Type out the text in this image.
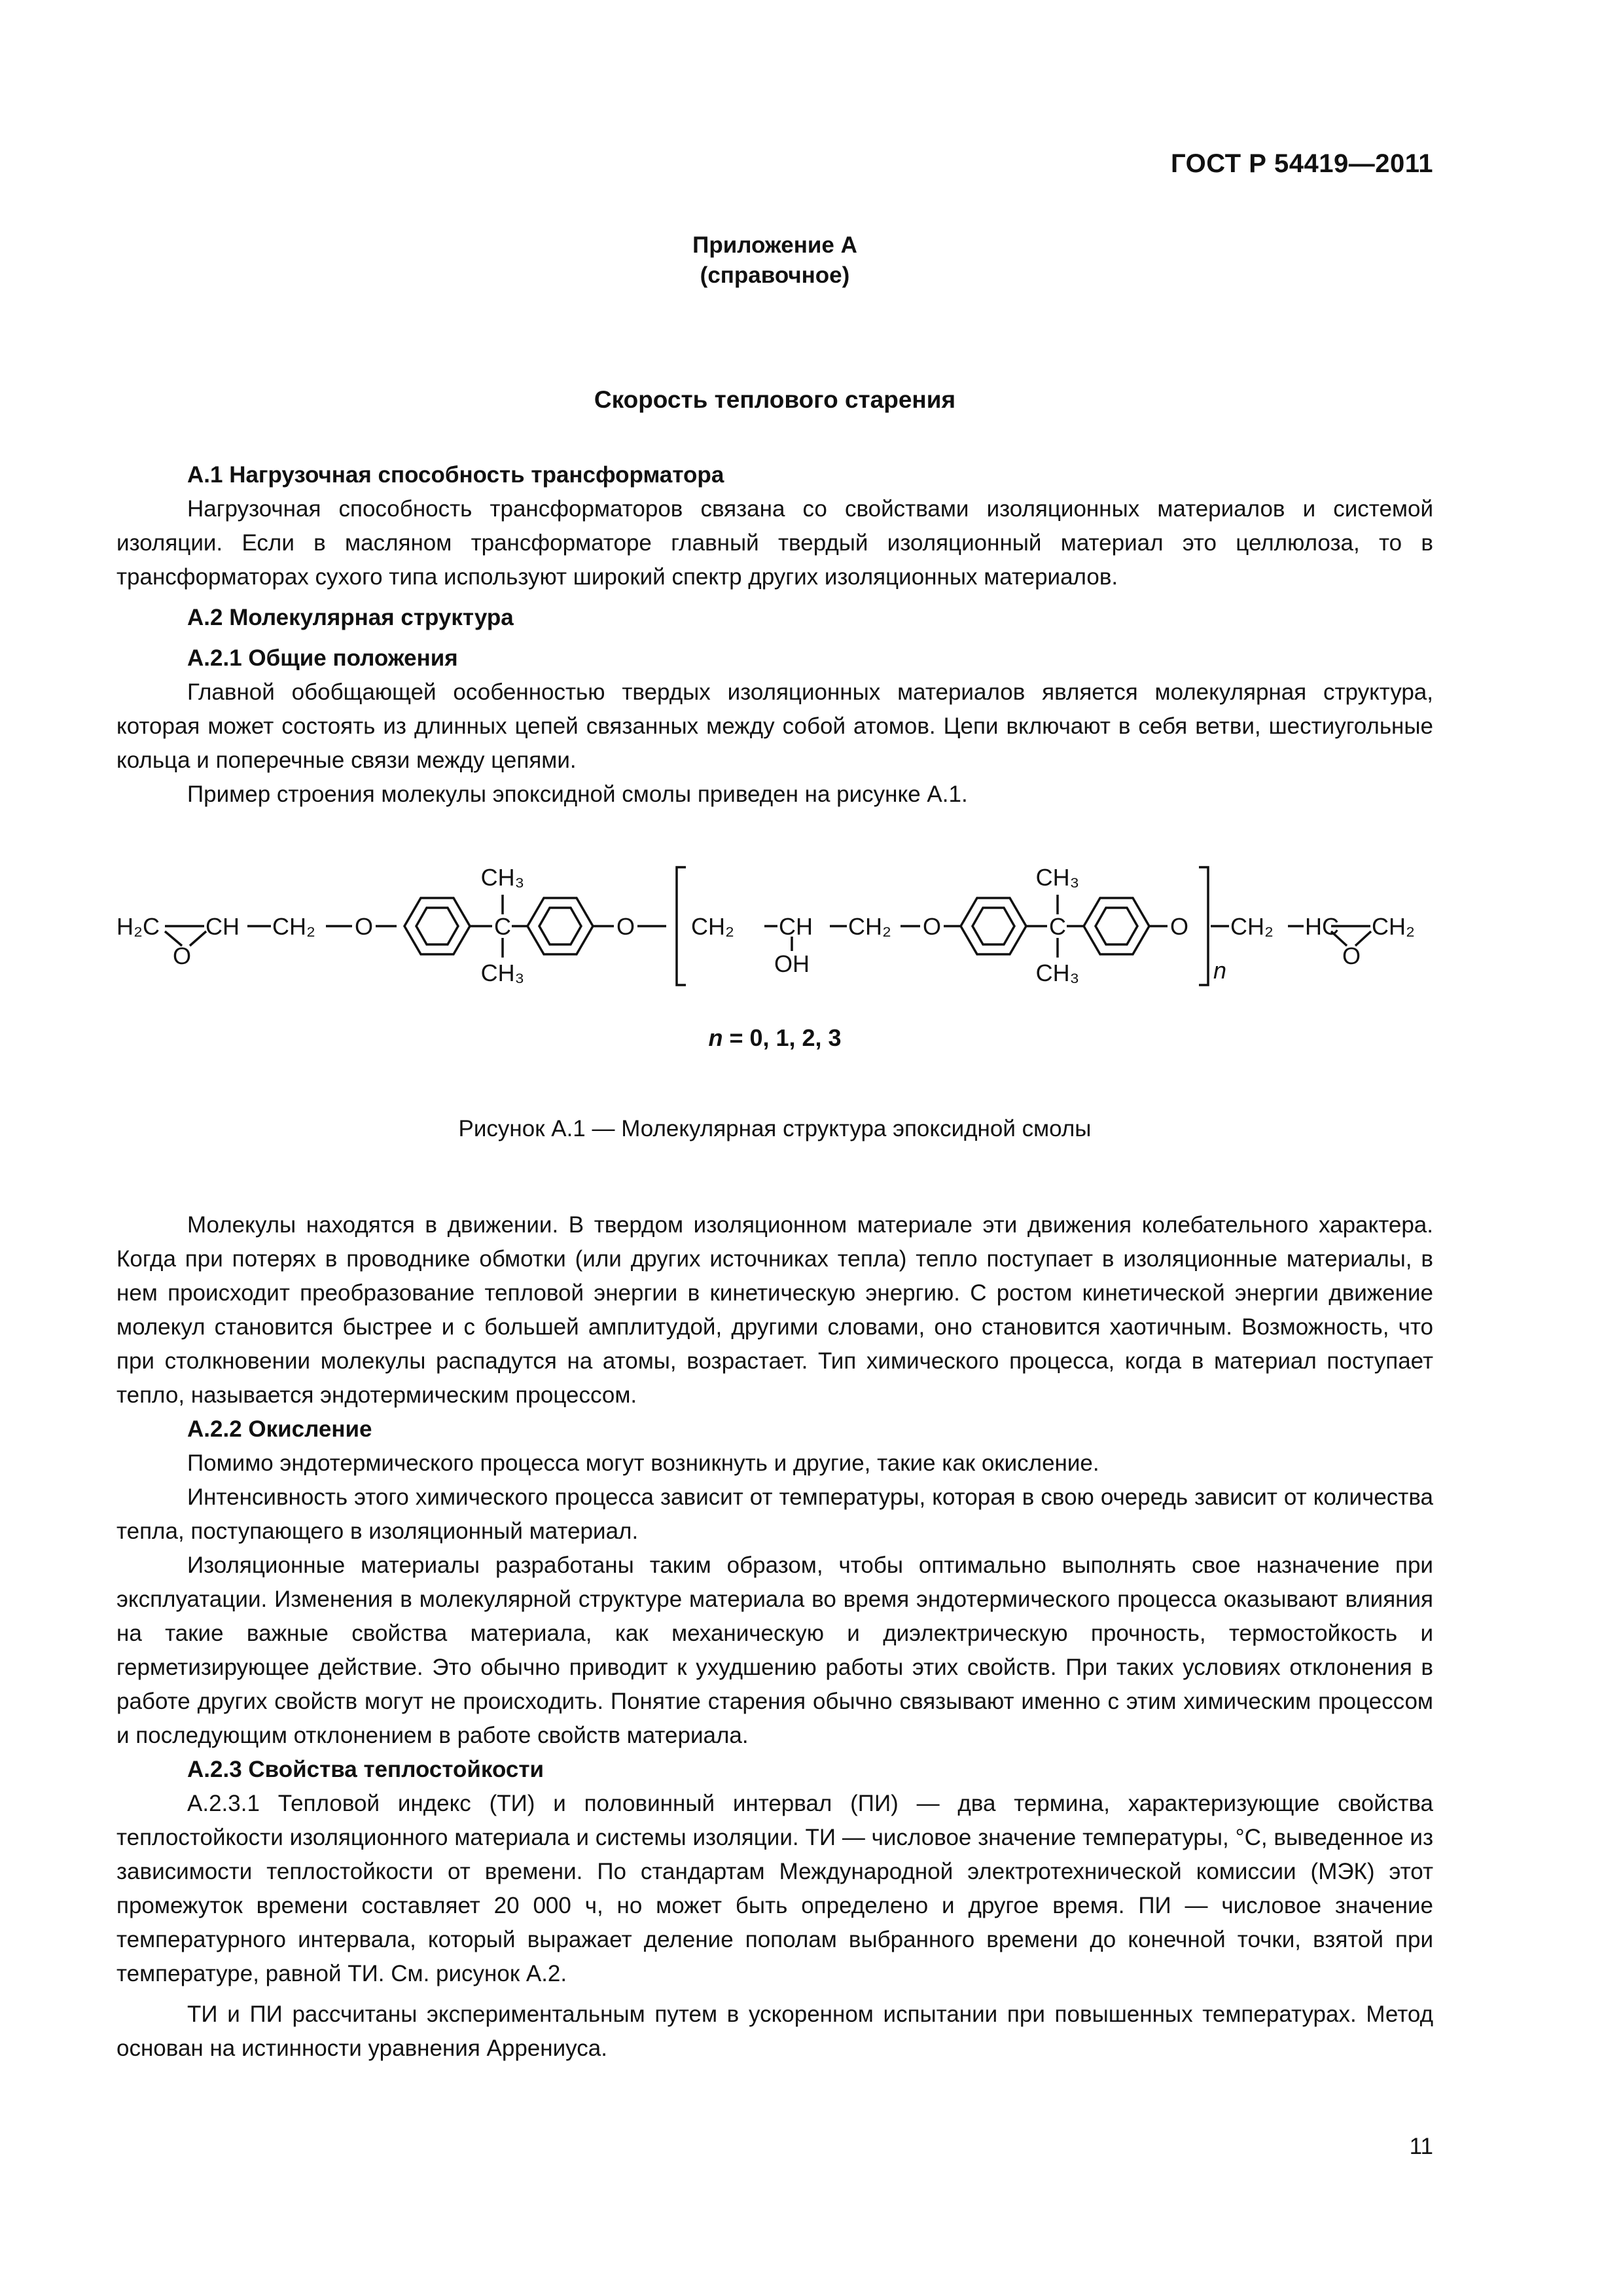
ГОСТ Р 54419—2011
Приложение А
(справочное)
Скорость теплового старения
А.1 Нагрузочная способность трансформатора

Нагрузочная способность трансформаторов связана со свойствами изоляционных материалов и системой изоляции. Если в масляном трансформаторе главный твердый изоляционный материал это целлюлоза, то в трансформаторах сухого типа используют широкий спектр других изоляционных материалов.

А.2 Молекулярная структура
А.2.1 Общие положения

Главной обобщающей особенностью твердых изоляционных материалов является молекулярная структура, которая может состоять из длинных цепей связанных между собой атомов. Цепи включают в себя ветви, шестиугольные кольца и поперечные связи между цепями.

Пример строения молекулы эпоксидной смолы приведен на рисунке А.1.

H₂C
O
CH CH₂ O	C
CH₃
CH₃
O CH₂ CH
OH
CH₂ O	C
CH₃
CH₃
O
n
CH₂ HC
O
CH₂
n = 0, 1, 2, 3
Рисунок А.1 — Молекулярная структура эпоксидной смолы

Молекулы находятся в движении. В твердом изоляционном материале эти движения колебательного характера. Когда при потерях в проводнике обмотки (или других источниках тепла) тепло поступает в изоляционные материалы, в нем происходит преобразование тепловой энергии в кинетическую энергию. С ростом кинетической энергии движение молекул становится быстрее и с большей амплитудой, другими словами, оно становится хаотичным. Возможность, что при столкновении молекулы распадутся на атомы, возрастает. Тип химического процесса, когда в материал поступает тепло, называется эндотермическим процессом.

А.2.2 Окисление

Помимо эндотермического процесса могут возникнуть и другие, такие как окисление.

Интенсивность этого химического процесса зависит от температуры, которая в свою очередь зависит от количества тепла, поступающего в изоляционный материал.

Изоляционные материалы разработаны таким образом, чтобы оптимально выполнять свое назначение при эксплуатации. Изменения в молекулярной структуре материала во время эндотермического процесса оказывают влияния на такие важные свойства материала, как механическую и диэлектрическую прочность, термостойкость и герметизирующее действие. Это обычно приводит к ухудшению работы этих свойств. При таких условиях отклонения в работе других свойств могут не происходить. Понятие старения обычно связывают именно с этим химическим процессом и последующим отклонением в работе свойств материала.

А.2.3 Свойства теплостойкости

А.2.3.1 Тепловой индекс (ТИ) и половинный интервал (ПИ) — два термина, характеризующие свойства теплостойкости изоляционного материала и системы изоляции. ТИ — числовое значение температуры, °С, выведенное из зависимости теплостойкости от времени. По стандартам Международной электротехнической комиссии (МЭК) этот промежуток времени составляет 20 000 ч, но может быть определено и другое время. ПИ — числовое значение температурного интервала, который выражает деление пополам выбранного времени до конечной точки, взятой при температуре, равной ТИ. См. рисунок А.2.

ТИ и ПИ рассчитаны экспериментальным путем в ускоренном испытании при повышенных температурах. Метод основан на истинности уравнения Аррениуса.

11
